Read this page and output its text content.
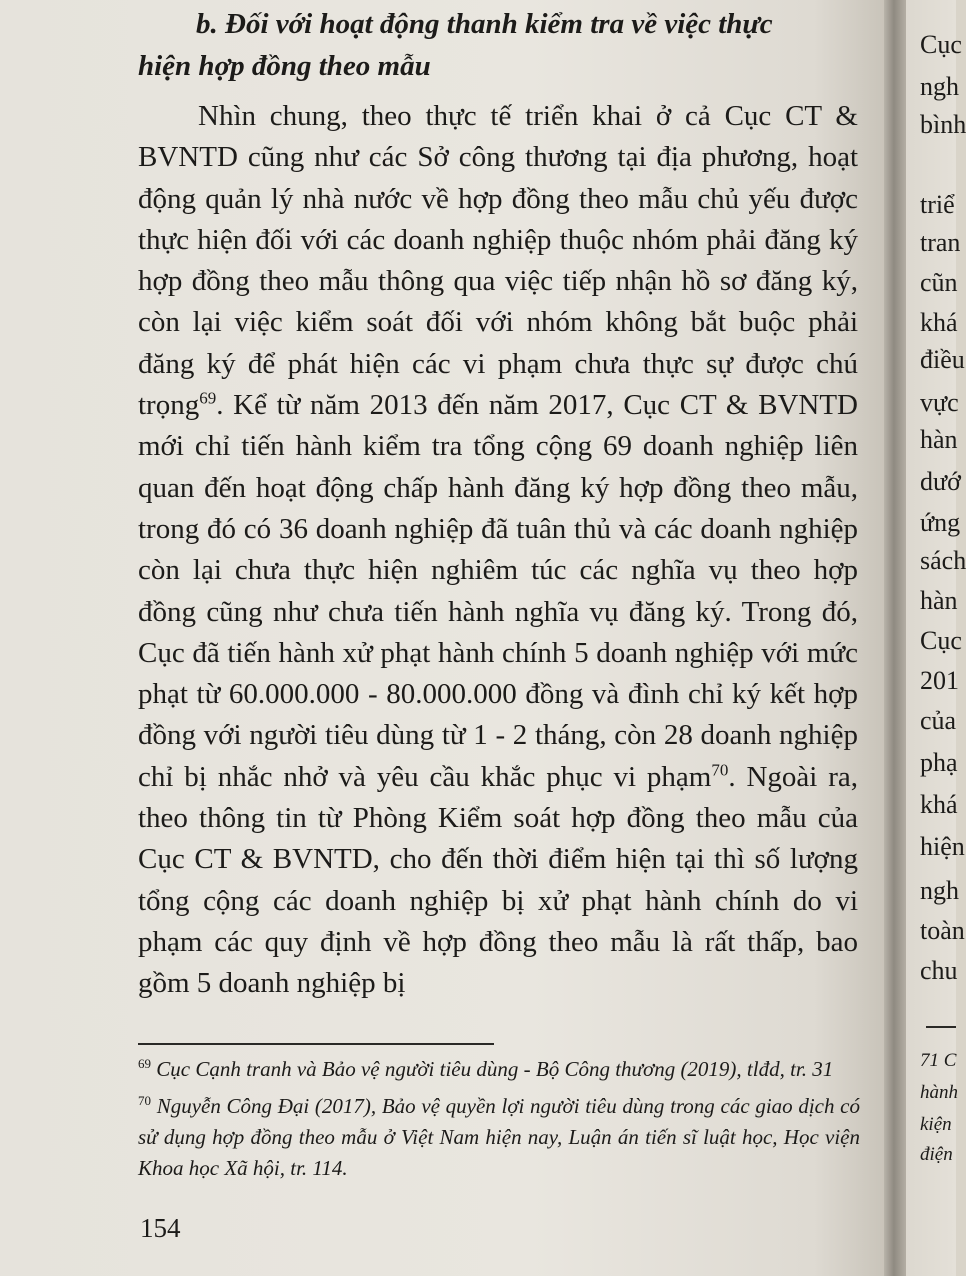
b. Đối với hoạt động thanh kiểm tra về việc thực
hiện hợp đồng theo mẫu

Nhìn chung, theo thực tế triển khai ở cả Cục CT & BVNTD cũng như các Sở công thương tại địa phương, hoạt động quản lý nhà nước về hợp đồng theo mẫu chủ yếu được thực hiện đối với các doanh nghiệp thuộc nhóm phải đăng ký hợp đồng theo mẫu thông qua việc tiếp nhận hồ sơ đăng ký, còn lại việc kiểm soát đối với nhóm không bắt buộc phải đăng ký để phát hiện các vi phạm chưa thực sự được chú trọng$^{69}$. Kể từ năm 2013 đến năm 2017, Cục CT & BVNTD mới chỉ tiến hành kiểm tra tổng cộng 69 doanh nghiệp liên quan đến hoạt động chấp hành đăng ký hợp đồng theo mẫu, trong đó có 36 doanh nghiệp đã tuân thủ và các doanh nghiệp còn lại chưa thực hiện nghiêm túc các nghĩa vụ theo hợp đồng cũng như chưa tiến hành nghĩa vụ đăng ký. Trong đó, Cục đã tiến hành xử phạt hành chính 5 doanh nghiệp với mức phạt từ 60.000.000 - 80.000.000 đồng và đình chỉ ký kết hợp đồng với người tiêu dùng từ 1 - 2 tháng, còn 28 doanh nghiệp chỉ bị nhắc nhở và yêu cầu khắc phục vi phạm$^{70}$. Ngoài ra, theo thông tin từ Phòng Kiểm soát hợp đồng theo mẫu của Cục CT & BVNTD, cho đến thời điểm hiện tại thì số lượng tổng cộng các doanh nghiệp bị xử phạt hành chính do vi phạm các quy định về hợp đồng theo mẫu là rất thấp, bao gồm 5 doanh nghiệp bị

$^{69}$ Cục Cạnh tranh và Bảo vệ người tiêu dùng - Bộ Công thương (2019), tlđd, tr. 31

$^{70}$ Nguyễn Công Đại (2017), Bảo vệ quyền lợi người tiêu dùng trong các giao dịch có sử dụng hợp đồng theo mẫu ở Việt Nam hiện nay, Luận án tiến sĩ luật học, Học viện Khoa học Xã hội, tr. 114.

154
Cục
ngh
bình
triể
tran
cũn
khá
điều
vực
hàn
dướ
ứng
sách
hàn
Cục
201
của
phạ
khá
hiện
ngh
toàn
chu
71 C
hành
kiện
điện
